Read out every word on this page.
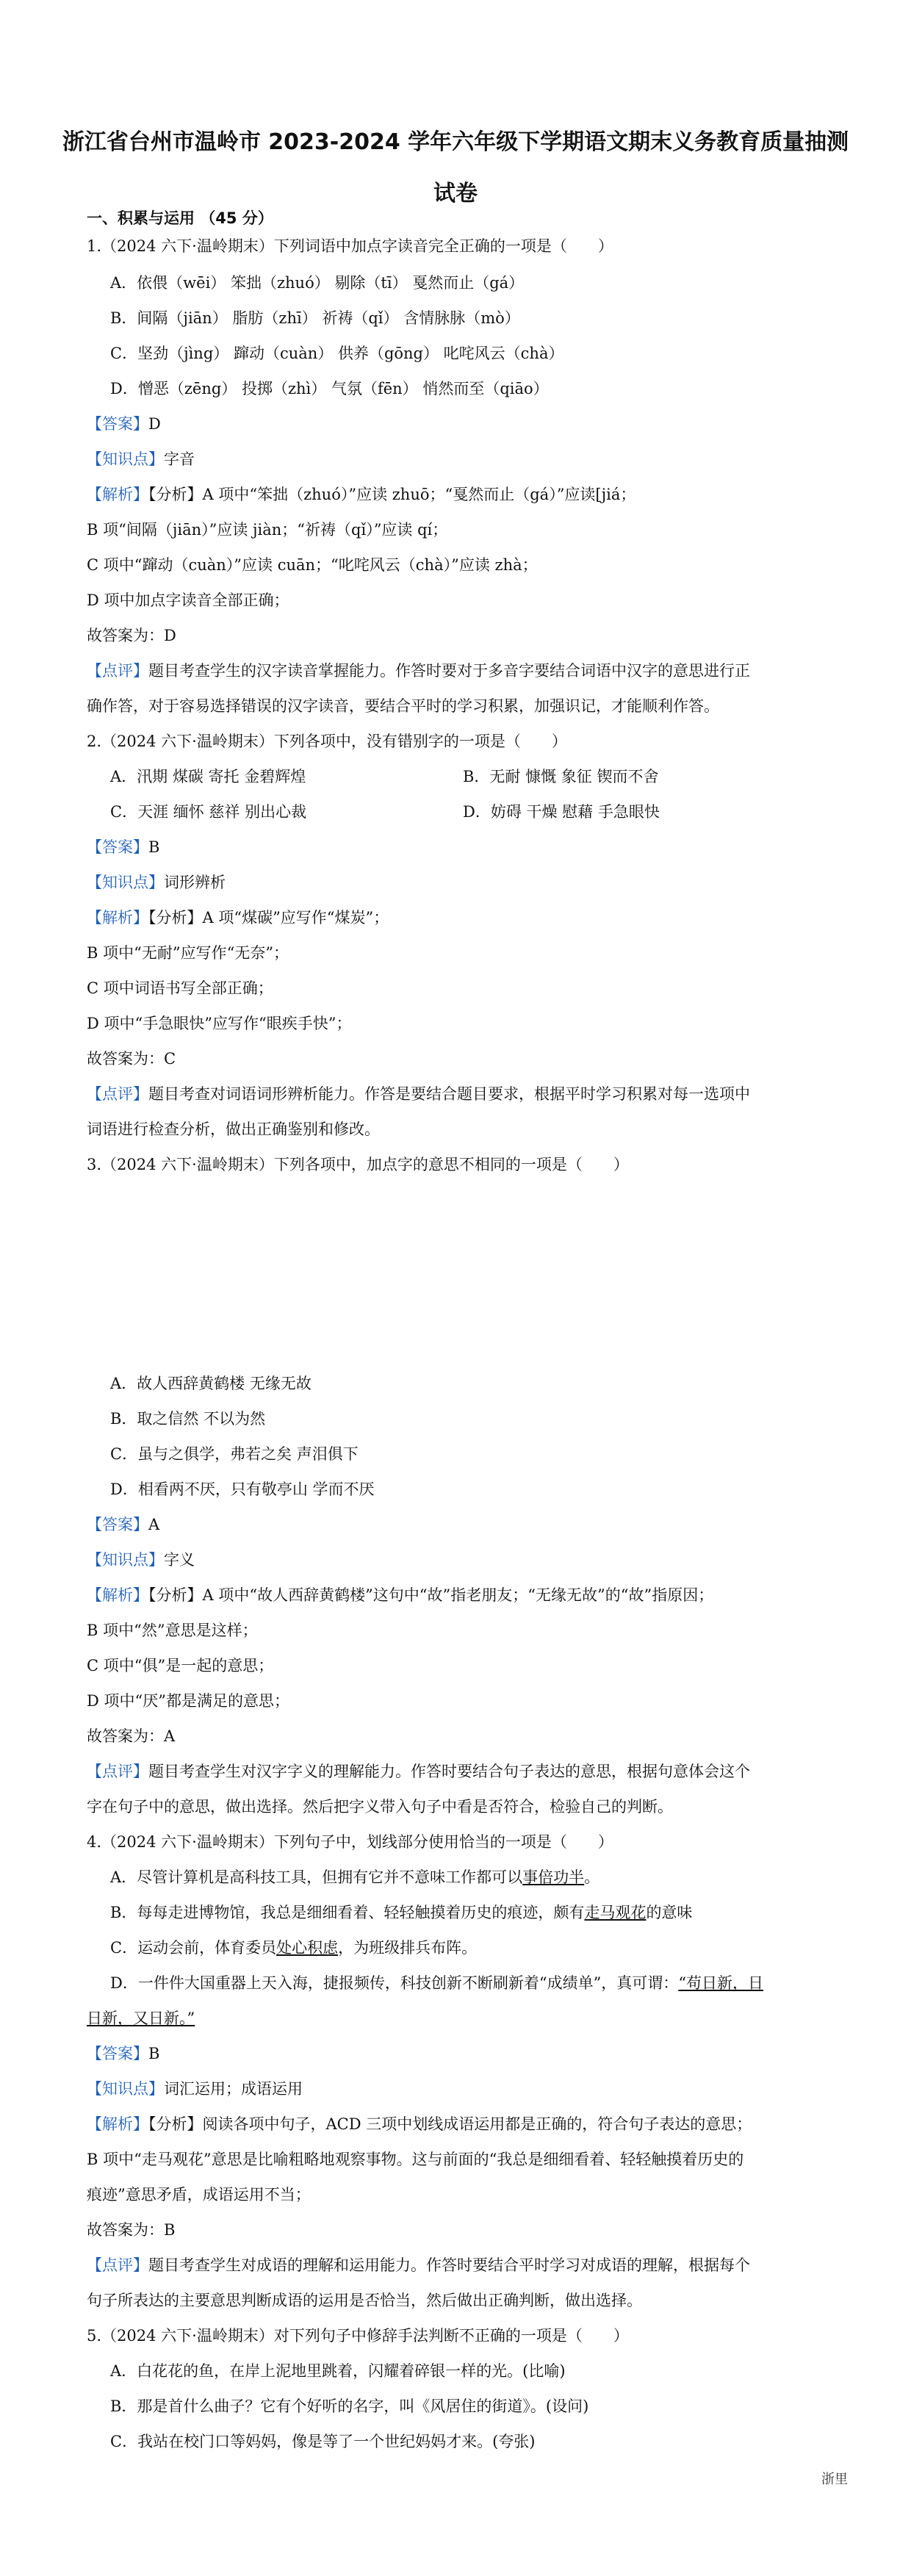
浙江省台州市温岭市 2023-2024 学年六年级下学期语文期末义务教育质量抽测
试卷
一、积累与运用 （45 分）
1.（2024 六下·温岭期末）下列词语中加点字读音完全正确的一项是（　　）
A．依偎（wēi） 笨拙（zhuó） 剔除（tī） 戛然而止（gá）
B．间隔（jiān） 脂肪（zhī） 祈祷（qǐ） 含情脉脉（mò）
C．坚劲（jìng） 蹿动（cuàn） 供养（gōng） 叱咤风云（chà）
D．憎恶（zēng） 投掷（zhì） 气氛（fēn） 悄然而至（qiāo）
【答案】D
【知识点】字音
【解析】【分析】A 项中“笨拙（zhuó）”应读 zhuō；“戛然而止（gá）”应读[jiá；
B 项“间隔（jiān）”应读 jiàn；“祈祷（qǐ）”应读 qí；
C 项中“蹿动（cuàn）”应读 cuān；“叱咤风云（chà）”应读 zhà；
D 项中加点字读音全部正确；
故答案为：D
【点评】题目考查学生的汉字读音掌握能力。作答时要对于多音字要结合词语中汉字的意思进行正
确作答，对于容易选择错误的汉字读音，要结合平时的学习积累，加强识记，才能顺利作答。
2.（2024 六下·温岭期末）下列各项中，没有错别字的一项是（　　）
A．汛期 煤碳 寄托 金碧辉煌	B．无耐 慷慨 象征 锲而不舍
C．天涯 缅怀 慈祥 别出心裁	D．妨碍 干燥 慰藉 手急眼快
【答案】B
【知识点】词形辨析
【解析】【分析】A 项“煤碳”应写作“煤炭”；
B 项中“无耐”应写作“无奈”；
C 项中词语书写全部正确；
D 项中“手急眼快”应写作“眼疾手快”；
故答案为：C
【点评】题目考查对词语词形辨析能力。作答是要结合题目要求，根据平时学习积累对每一选项中
词语进行检查分析，做出正确鉴别和修改。
3.（2024 六下·温岭期末）下列各项中，加点字的意思不相同的一项是（　　）
A．故人西辞黄鹤楼 无缘无故
B．取之信然 不以为然
C．虽与之俱学，弗若之矣 声泪俱下
D．相看两不厌，只有敬亭山 学而不厌
【答案】A
【知识点】字义
【解析】【分析】A 项中“故人西辞黄鹤楼”这句中“故”指老朋友；“无缘无故”的“故”指原因；
B 项中“然”意思是这样；
C 项中“俱”是一起的意思；
D 项中“厌”都是满足的意思；
故答案为：A
【点评】题目考查学生对汉字字义的理解能力。作答时要结合句子表达的意思，根据句意体会这个
字在句子中的意思，做出选择。然后把字义带入句子中看是否符合，检验自己的判断。
4.（2024 六下·温岭期末）下列句子中，划线部分使用恰当的一项是（　　）
A．尽管计算机是高科技工具，但拥有它并不意味工作都可以事倍功半。
B．每每走进博物馆，我总是细细看着、轻轻触摸着历史的痕迹，颇有走马观花的意味
C．运动会前，体育委员处心积虑，为班级排兵布阵。
D．一件件大国重器上天入海，捷报频传，科技创新不断刷新着“成绩单”，真可谓：“苟日新，日
日新，又日新。”
【答案】B
【知识点】词汇运用；成语运用
【解析】【分析】阅读各项中句子，ACD 三项中划线成语运用都是正确的，符合句子表达的意思；
B 项中“走马观花”意思是比喻粗略地观察事物。这与前面的“我总是细细看着、轻轻触摸着历史的
痕迹”意思矛盾，成语运用不当；
故答案为：B
【点评】题目考查学生对成语的理解和运用能力。作答时要结合平时学习对成语的理解，根据每个
句子所表达的主要意思判断成语的运用是否恰当，然后做出正确判断，做出选择。
5.（2024 六下·温岭期末）对下列句子中修辞手法判断不正确的一项是（　　）
A．白花花的鱼，在岸上泥地里跳着，闪耀着碎银一样的光。(比喻)
B．那是首什么曲子？它有个好听的名字，叫《风居住的街道》。(设问)
C．我站在校门口等妈妈，像是等了一个世纪妈妈才来。(夸张)
浙里
